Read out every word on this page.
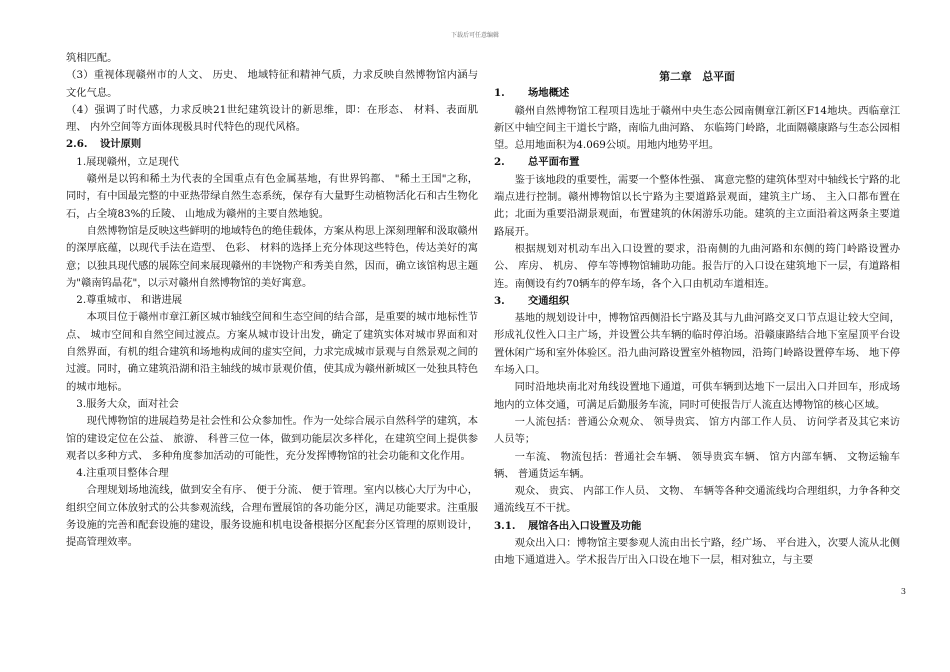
下载后可任意编辑

筑相匹配。

（3）重视体现赣州市的人文、 历史、 地域特征和精神气质，力求反映自然博物馆内涵与文化气息。

（4）强调了时代感，力求反映21世纪建筑设计的新思维，即：在形态、 材料、表面肌理、 内外空间等方面体现极具时代特色的现代风格。

2.6. 设计原则

1.展现赣州，立足现代

赣州是以钨和稀土为代表的全国重点有色金属基地，有世界钨都、 "稀土王国"之称，同时，有中国最完整的中亚热带绿自然生态系统，保存有大量野生动植物活化石和古生物化石，占全境83%的丘陵、 山地成为赣州的主要自然地貌。

自然博物馆是反映这些鲜明的地域特色的绝佳载体，方案从构思上深刻理解和汲取赣州的深厚底蕴，以现代手法在造型、 色彩、 材料的选择上充分体现这些特色，传达美好的寓意；以独具现代感的展陈空间来展现赣州的丰饶物产和秀美自然，因而，确立该馆构思主题为"赣南钨晶花"，以示对赣州自然博物馆的美好寓意。

2.尊重城市、 和谐进展

本项目位于赣州市章江新区城市轴线空间和生态空间的结合部，是重要的城市地标性节点、 城市空间和自然空间过渡点。方案从城市设计出发，确定了建筑实体对城市界面和对自然界面，有机的组合建筑和场地构成间的虚实空间，力求完成城市景观与自然景观之间的过渡。同时，确立建筑沿湖和沿主轴线的城市景观价值，使其成为赣州新城区一处独具特色的城市地标。

3.服务大众，面对社会

现代博物馆的进展趋势是社会性和公众参加性。作为一处综合展示自然科学的建筑，本馆的建设定位在公益、 旅游、 科普三位一体，做到功能层次多样化，在建筑空间上提供参观者以多种方式、 多种角度参加活动的可能性，充分发挥博物馆的社会功能和文化作用。

4.注重项目整体合理

合理规划场地流线，做到安全有序、 便于分流、 便于管理。室内以核心大厅为中心，组织空间立体放射式的公共参观流线，合理布置展馆的各功能分区，满足功能要求。注重服务设施的完善和配套设施的建设，服务设施和机电设备根据分区配套分区管理的原则设计，提高管理效率。

第二章　总平面

1. 场地概述

赣州自然博物馆工程项目选址于赣州中央生态公园南侧章江新区F14地块。西临章江新区中轴空间主干道长宁路，南临九曲河路、 东临筠门岭路，北面隔赣康路与生态公园相望。总用地面积为4.069公顷。用地内地势平坦。

2. 总平面布置

鉴于该地段的重要性，需要一个整体性强、 寓意完整的建筑体型对中轴线长宁路的北端点进行控制。赣州博物馆以长宁路为主要道路景观面，建筑主广场、 主入口都布置在此；北面为重要沿湖景观面，布置建筑的休闲游乐功能。建筑的主立面沿着这两条主要道路展开。

根据规划对机动车出入口设置的要求，沿南侧的九曲河路和东侧的筠门岭路设置办公、 库房、 机房、 停车等博物馆辅助功能。报告厅的入口设在建筑地下一层，有道路相连。南侧设有约70辆车的停车场，各个入口由机动车道相连。

3. 交通组织

基地的规划设计中，博物馆西侧沿长宁路及其与九曲河路交叉口节点退让较大空间，形成礼仪性入口主广场，并设置公共车辆的临时停泊场。沿赣康路结合地下室屋顶平台设置休闲广场和室外体验区。沿九曲河路设置室外植物园，沿筠门岭路设置停车场、 地下停车场入口。

同时沿地块南北对角线设置地下通道，可供车辆到达地下一层出入口并回车，形成场地内的立体交通，可满足后勤服务车流，同时可使报告厅人流直达博物馆的核心区域。

一人流包括：普通公众观众、 领导贵宾、 馆方内部工作人员、 访问学者及其它来访人员等；

一车流、 物流包括：普通社会车辆、 领导贵宾车辆、 馆方内部车辆、 文物运输车辆、 普通货运车辆。

观众、 贵宾、 内部工作人员、 文物、 车辆等各种交通流线均合理组织，力争各种交通流线互不干扰。

3.1. 展馆各出入口设置及功能

观众出入口：博物馆主要参观人流由出长宁路，经广场、 平台进入，次要人流从北侧由地下通道进入。学术报告厅出入口设在地下一层，相对独立，与主要

3
